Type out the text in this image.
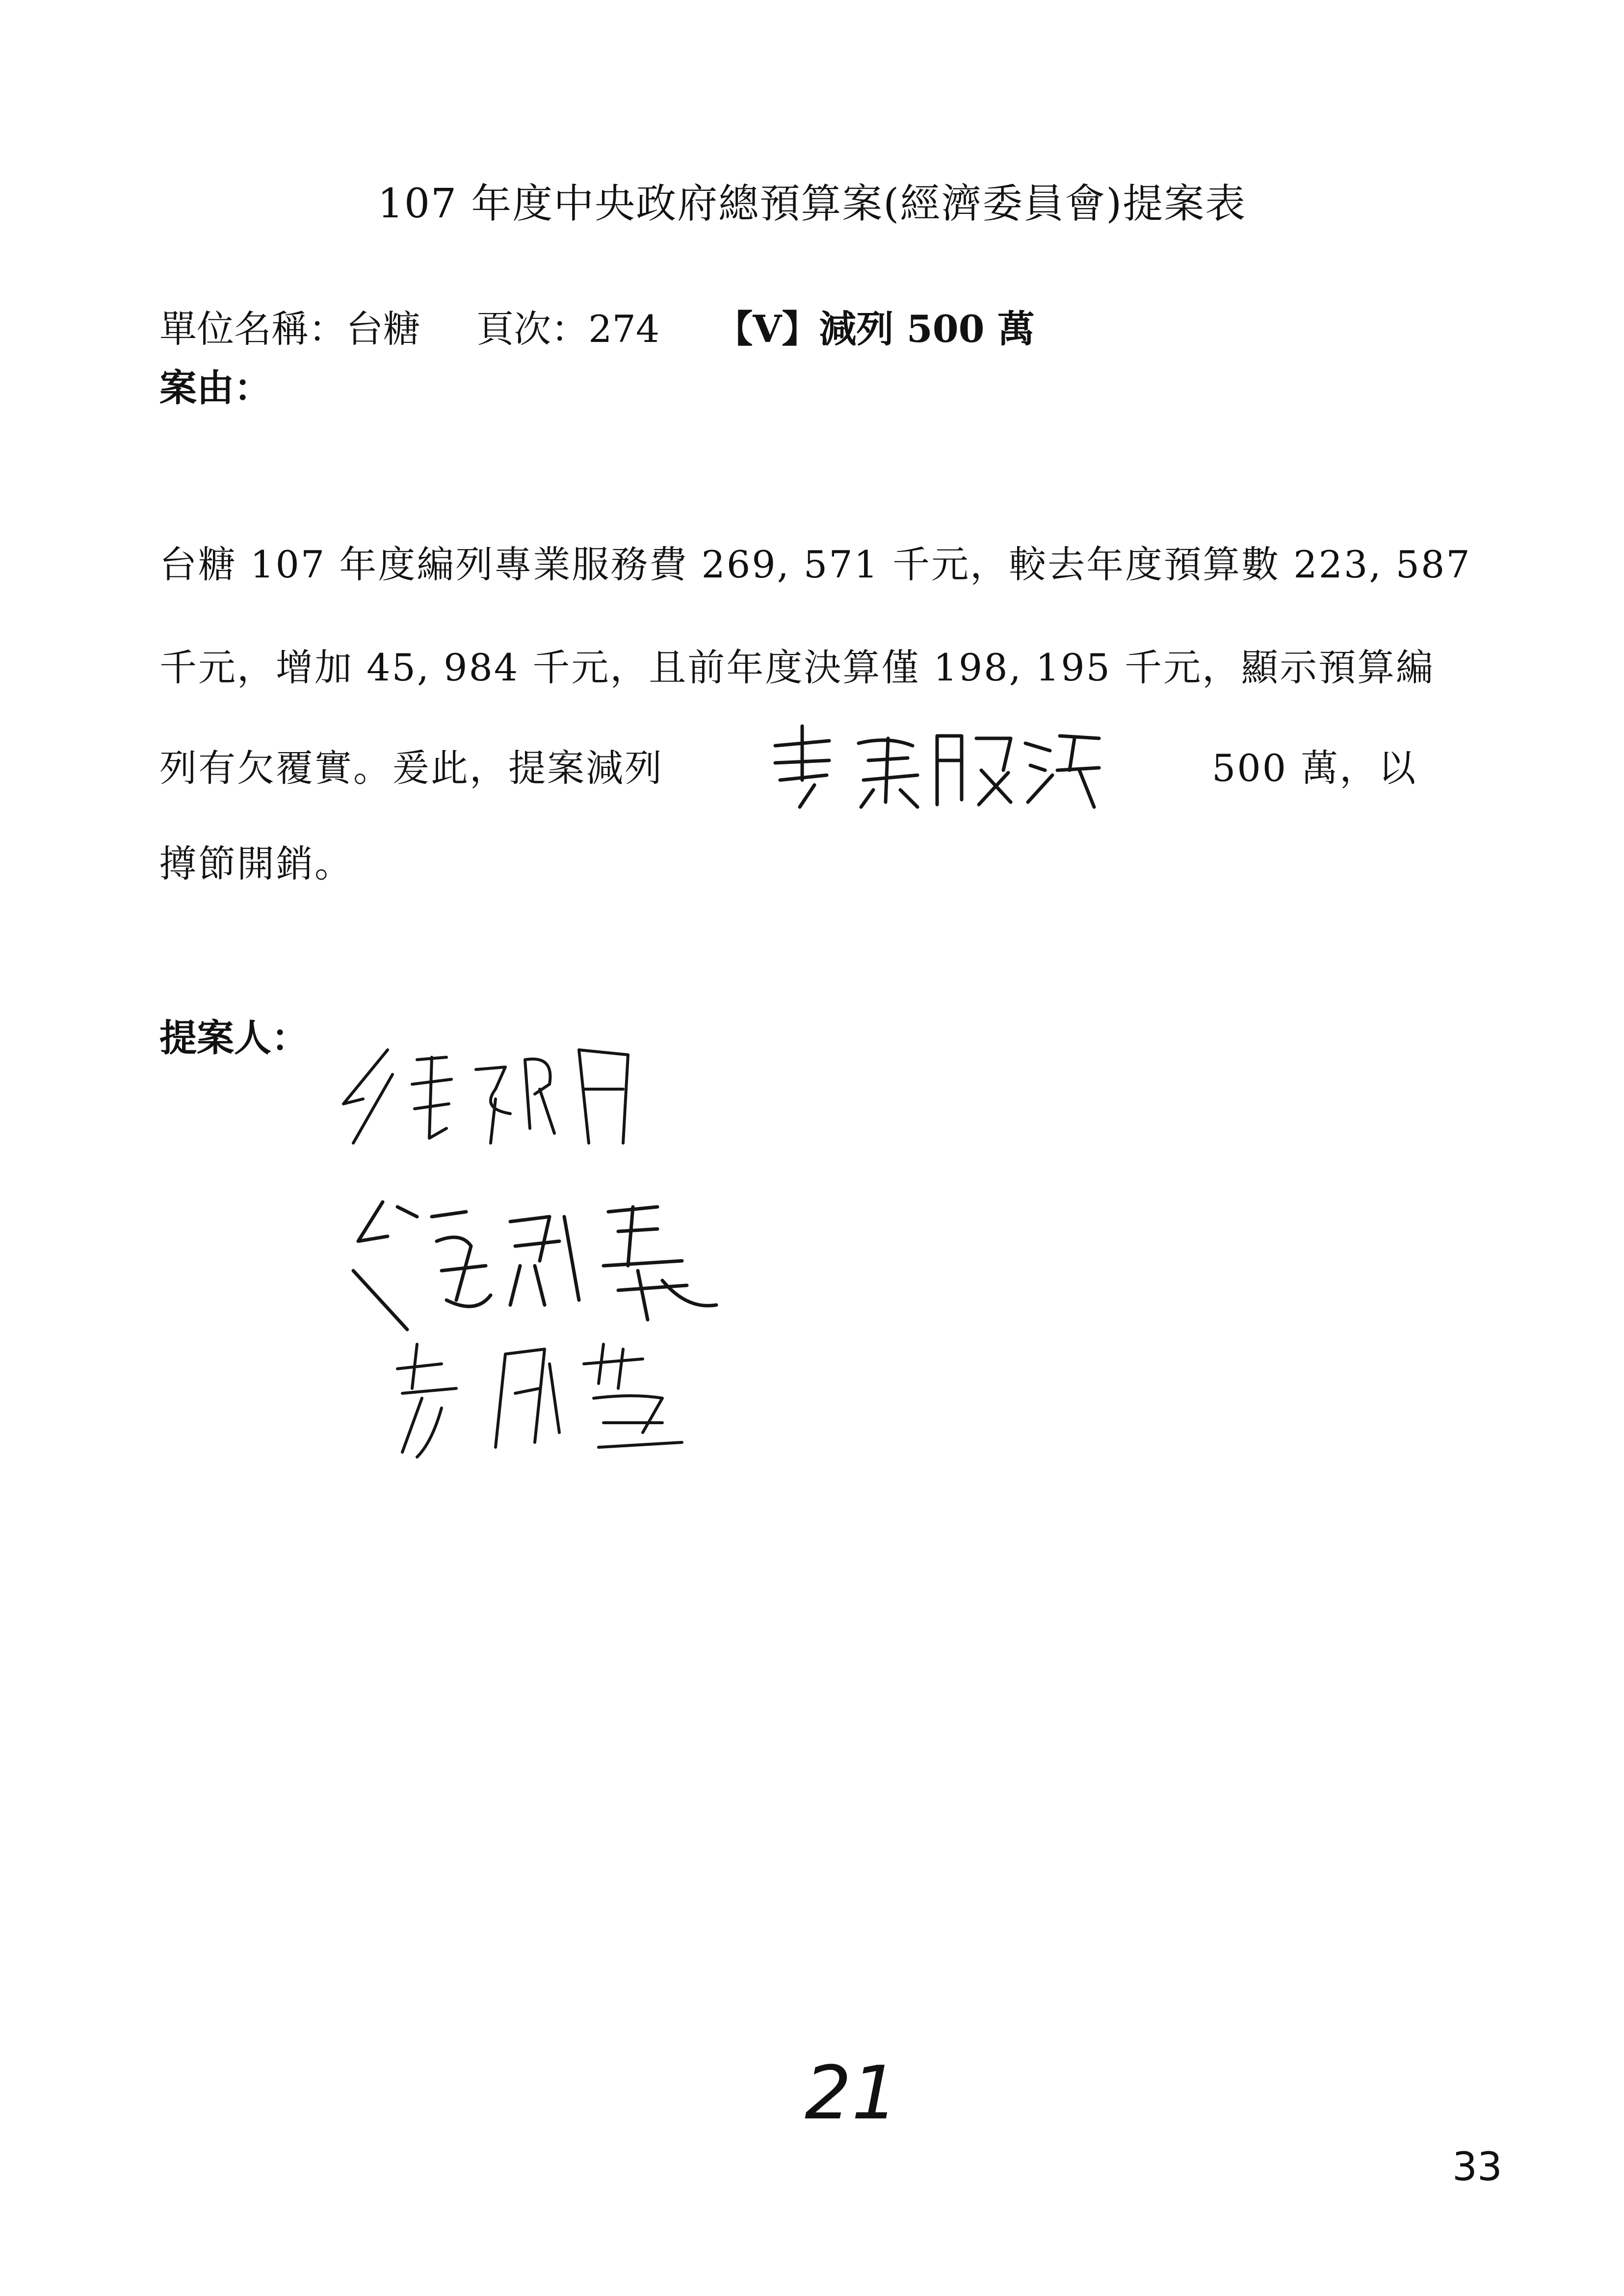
107 年度中央政府總預算案(經濟委員會)提案表
單位名稱：台糖 頁次：274 【V】減列 500 萬
案由：
台糖 107 年度編列專業服務費 269, 571 千元，較去年度預算數 223, 587
千元，增加 45, 984 千元，且前年度決算僅 198, 195 千元，顯示預算編
列有欠覆實。爰此，提案減列	500 萬，以
撙節開銷。
提案人：
21
33
